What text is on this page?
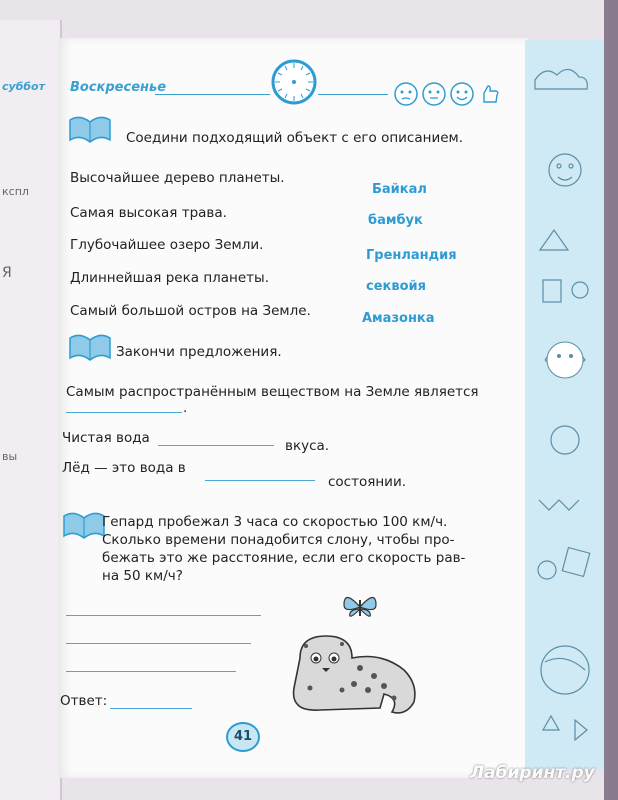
суббот
кспл
Я
вы
Воскресенье
Соедини подходящий объект с его описанием.
Высочайшее дерево планеты.
Самая высокая трава.
Глубочайшее озеро Земли.
Длиннейшая река планеты.
Самый большой остров на Земле.
Байкал
бамбук
Гренландия
секвойя
Амазонка
Закончи предложения.
Самым распространённым веществом на Земле является
.
Чистая вода	вкуса.
Лёд — это вода в
состоянии.
Гепард пробежал 3 часа со скоростью 100 км/ч.
Сколько времени понадобится слону, чтобы про-
бежать это же расстояние, если его скорость рав-
на 50 км/ч?
Ответ:
41
Лабиринт.ру
